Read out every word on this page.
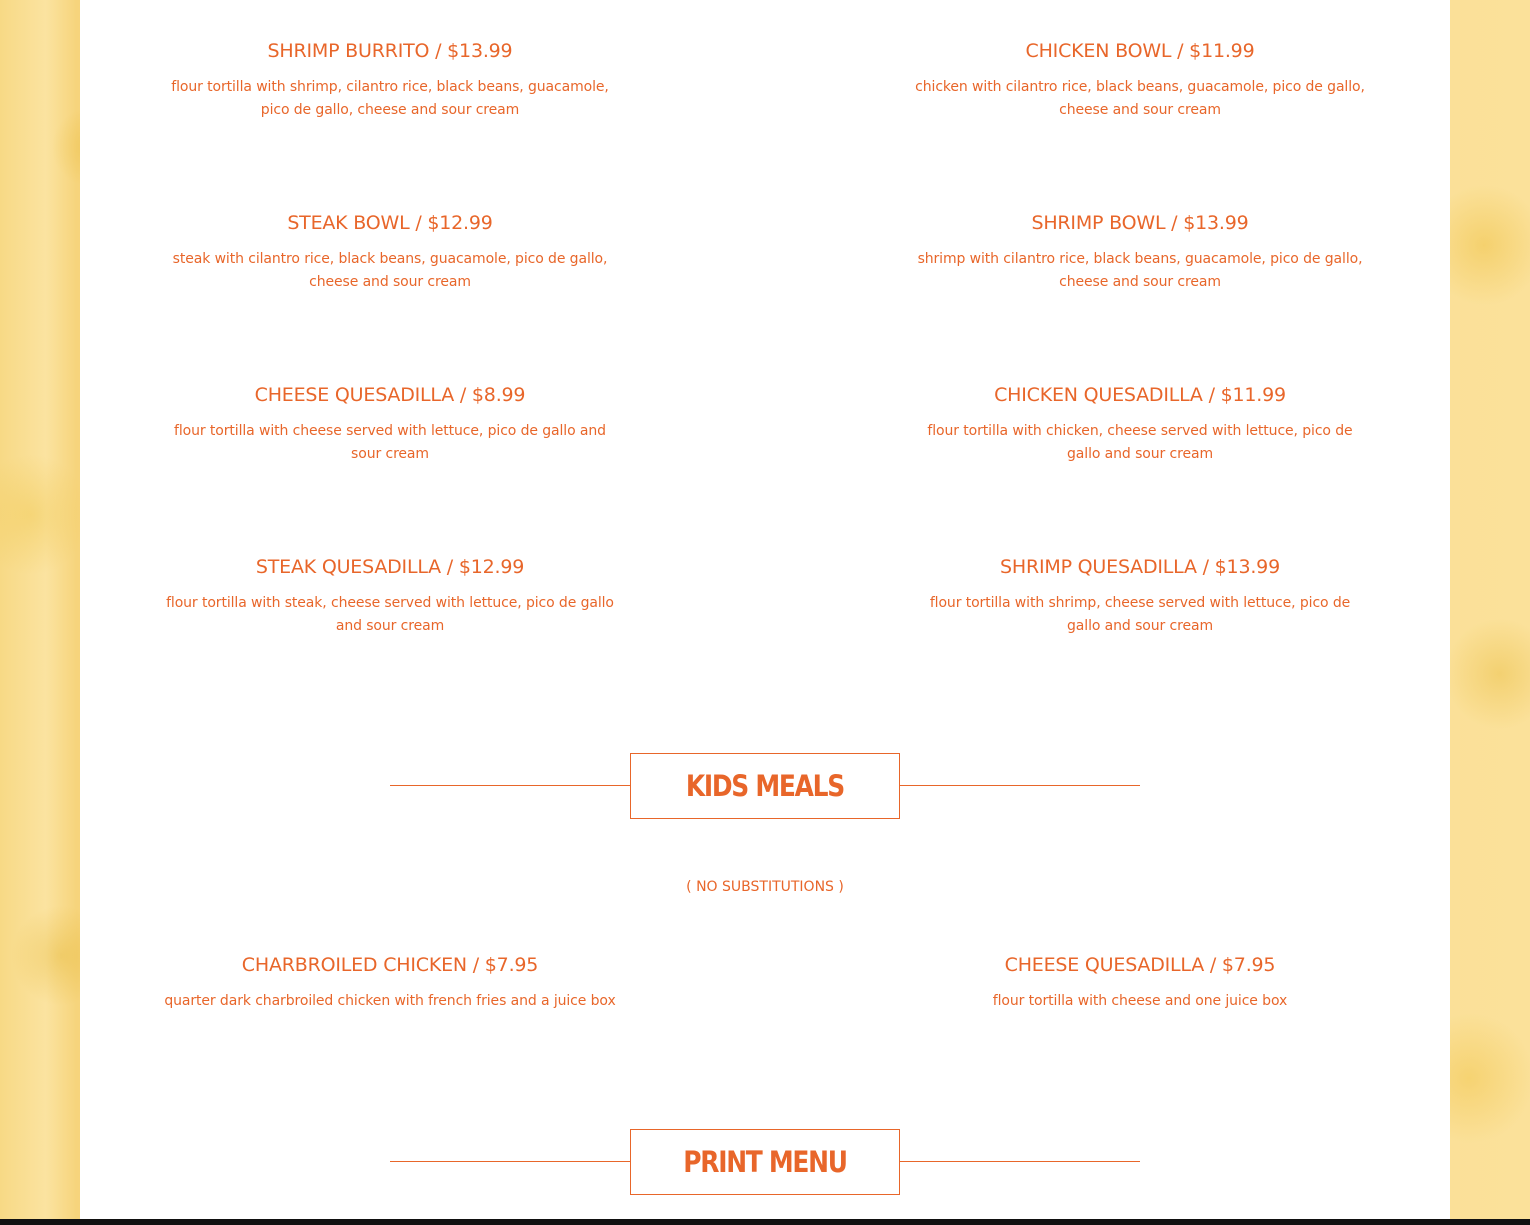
SHRIMP BURRITO / $13.99
flour tortilla with shrimp, cilantro rice, black beans, guacamole, pico de gallo, cheese and sour cream
CHICKEN BOWL / $11.99
chicken with cilantro rice, black beans, guacamole, pico de gallo, cheese and sour cream
STEAK BOWL / $12.99
steak with cilantro rice, black beans, guacamole, pico de gallo, cheese and sour cream
SHRIMP BOWL / $13.99
shrimp with cilantro rice, black beans, guacamole, pico de gallo, cheese and sour cream
CHEESE QUESADILLA / $8.99
flour tortilla with cheese served with lettuce, pico de gallo and sour cream
CHICKEN QUESADILLA / $11.99
flour tortilla with chicken, cheese served with lettuce, pico de gallo and sour cream
STEAK QUESADILLA / $12.99
flour tortilla with steak, cheese served with lettuce, pico de gallo and sour cream
SHRIMP QUESADILLA / $13.99
flour tortilla with shrimp, cheese served with lettuce, pico de gallo and sour cream
KIDS MEALS
( NO SUBSTITUTIONS )
CHARBROILED CHICKEN / $7.95
quarter dark charbroiled chicken with french fries and a juice box
CHEESE QUESADILLA / $7.95
flour tortilla with cheese and one juice box
PRINT MENU
